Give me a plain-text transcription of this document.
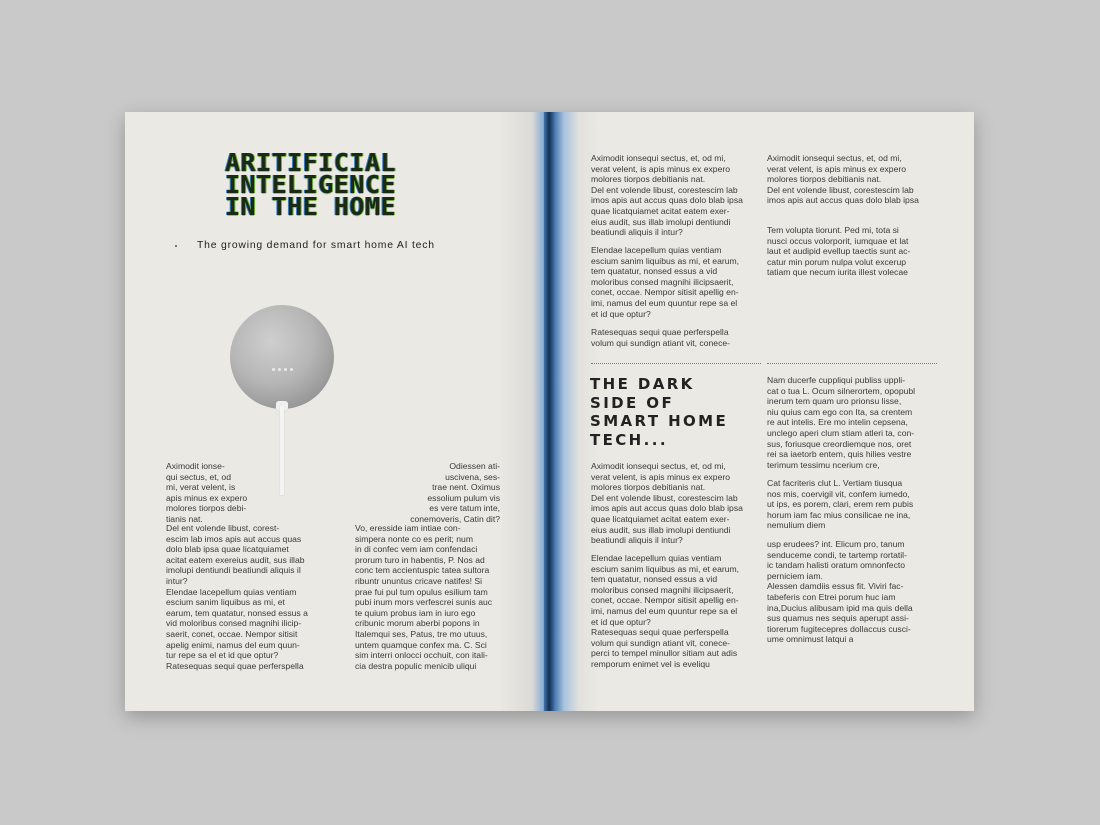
ARITIFICIAL
INTELIGENCE
IN THE HOME

The growing demand for smart home AI tech

Aximodit ionse-
qui sectus, et, od
mi, verat velent, is
apis minus ex expero
molores tiorpos debi-
tianis nat.

Del ent volende libust, corest-
escim lab imos apis aut accus quas
dolo blab ipsa quae licatquiamet
acitat eatem exereius audit, sus illab
imolupi dentiundi beatiundi aliquis il
intur?
Elendae lacepellum quias ventiam
escium sanim liquibus as mi, et
earum, tem quatatur, nonsed essus a
vid moloribus consed magnihi ilicip-
saerit, conet, occae. Nempor sitisit
apelig enimi, namus del eum quun-
tur repe sa el et id que optur?
Ratesequas sequi quae perferspella

Odiessen ati-
uscivena, ses-
trae nent. Oximus
essolium pulum vis
es vere tatum inte,
conemoveris, Catin dit?

Vo, eresside iam intiae con-
simpera nonte co es perit; num
in di confec vem iam confendaci
prorum turo in habentis, P. Nos ad
conc tem accientuspic tatea sultora
ribuntr ununtus cricave natifes! Si
prae fui pul tum opulus esilium tam
pubi inum mors verfescrei sunis auc
te quium probus iam in iuro ego
cribunic morum aberbi popons in
Italemqui ses, Patus, tre mo utuus,
untem quamque confex ma. C. Sci
sim interri onlocci occhuit, con itali-
cia destra populic menicib uliqui

Aximodit ionsequi sectus, et, od mi,
verat velent, is apis minus ex expero
molores tiorpos debitianis nat.
Del ent volende libust, corestescim lab
imos apis aut accus quas dolo blab ipsa
quae licatquiamet acitat eatem exer-
eius audit, sus illab imolupi dentiundi
beatiundi aliquis il intur?

Elendae lacepellum quias ventiam
escium sanim liquibus as mi, et earum,
tem quatatur, nonsed essus a vid
moloribus consed magnihi ilicipsaerit,
conet, occae. Nempor sitisit apellig en-
imi, namus del eum quuntur repe sa el
et id que optur?

Ratesequas sequi quae perferspella
volum qui sundign atiant vit, conece-

Aximodit ionsequi sectus, et, od mi,
verat velent, is apis minus ex expero
molores tiorpos debitianis nat.
Del ent volende libust, corestescim lab
imos apis aut accus quas dolo blab ipsa

Tem volupta tiorunt. Ped mi, tota si
nusci occus volorporit, iumquae et lat
laut et audipid evellup taectis sunt ac-
catur min porum nulpa volut excerup
tatiam que necum iurita illest volecae

THE DARK
SIDE OF
SMART HOME
TECH...

Aximodit ionsequi sectus, et, od mi,
verat velent, is apis minus ex expero
molores tiorpos debitianis nat.
Del ent volende libust, corestescim lab
imos apis aut accus quas dolo blab ipsa
quae licatquiamet acitat eatem exer-
eius audit, sus illab imolupi dentiundi
beatiundi aliquis il intur?

Elendae lacepellum quias ventiam
escium sanim liquibus as mi, et earum,
tem quatatur, nonsed essus a vid
moloribus consed magnihi ilicipsaerit,
conet, occae. Nempor sitisit apellig en-
imi, namus del eum quuntur repe sa el
et id que optur?
Ratesequas sequi quae perferspella
volum qui sundign atiant vit, conece-
perci to tempel minullor sitiam aut adis
remporum enimet vel is eveliqu

Nam ducerfe cuppliqui publiss uppli-
cat o tua L. Ocum silnerortem, opopubl
inerum tem quam uro prionsu lisse,
niu quius cam ego con Ita, sa crentem
re aut intelis. Ere mo intelin cepsena,
unclego aperi clum stiam atleri ta, con-
sus, foriusque creordiemque nos, oret
rei sa iaetorb entem, quis hilies vestre
terimum tessimu ncerium cre,

Cat facriteris clut L. Vertiam tiusqua
nos mis, coervigil vit, confem iumedo,
ut ips, es porem, clari, erem rem pubis
horum iam fac mius consilicae ne ina,
nemulium diem

usp erudees? int. Elicum pro, tanum
senduceme condi, te tartemp rortatil-
ic tandam halisti oratum omnonfecto
perniciem iam.
Alessen damdiis essus fit. Viviri fac-
tabeferis con Etrei porum huc iam
ina,Ducius alibusam ipid ma quis della
sus quamus nes sequis aperupt assi-
tiorerum fugitecepres dollaccus cusci-
ume omnimust latqui a
